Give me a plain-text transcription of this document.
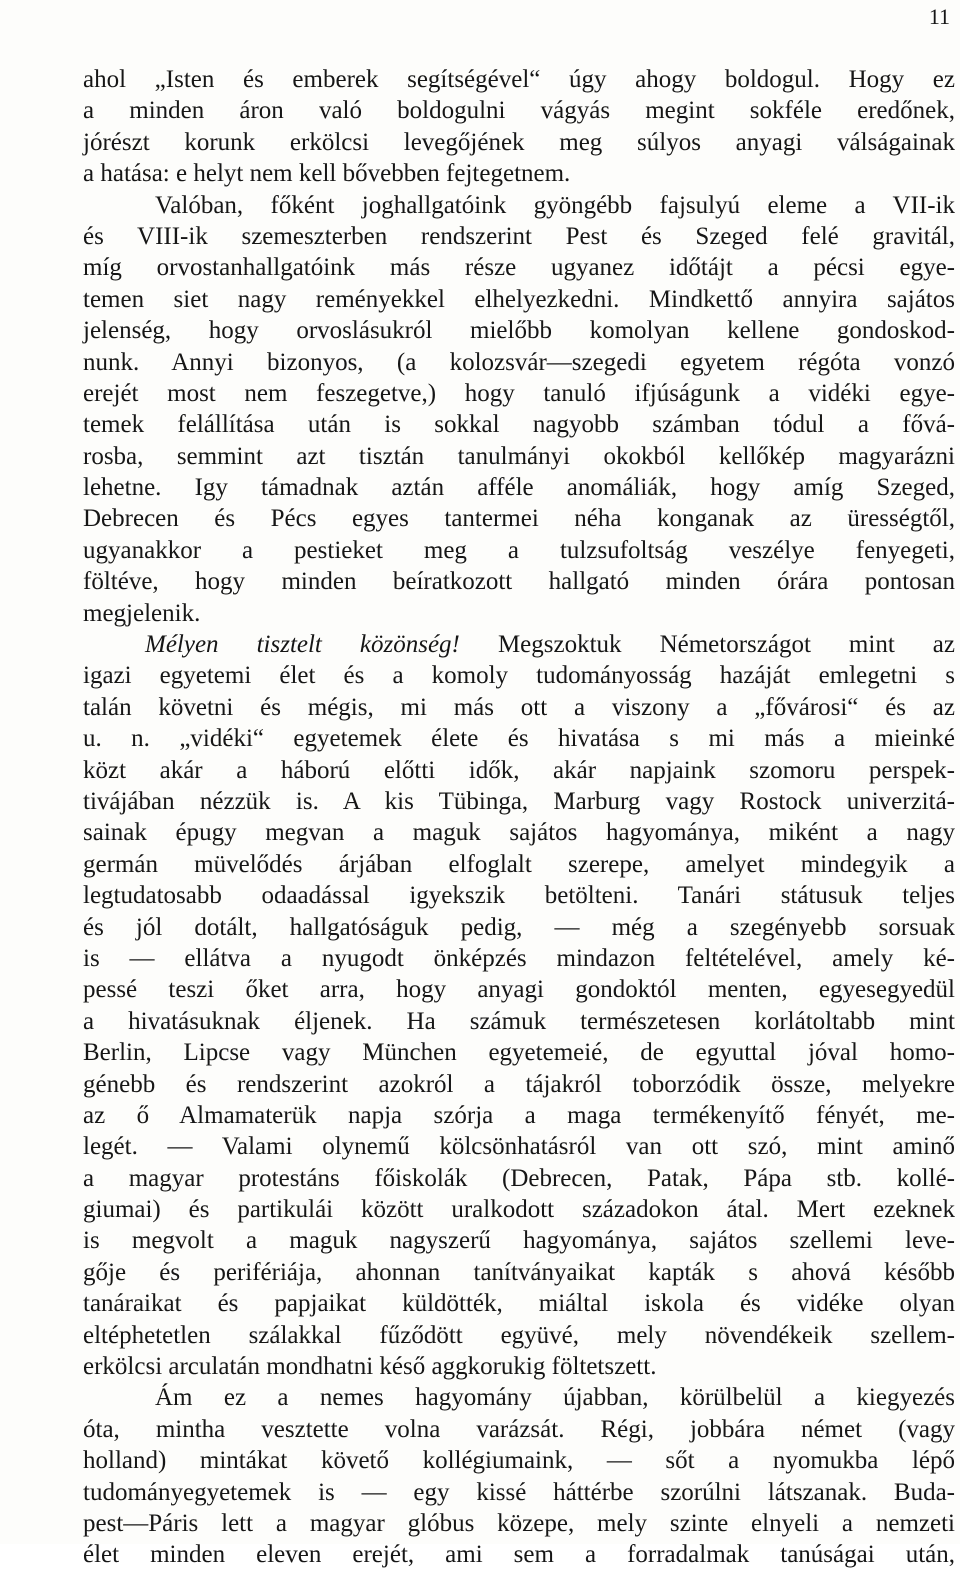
11
ahol „Isten és emberek segítségével“ úgy ahogy boldogul. Hogy ez
a minden áron való boldogulni vágyás megint sokféle eredőnek,
jórészt korunk erkölcsi levegőjének meg súlyos anyagi válságainak
a hatása: e helyt nem kell bővebben fejtegetnem.
Valóban, főként joghallgatóink gyöngébb fajsulyú eleme a VII-ik
és VIII-ik szemeszterben rendszerint Pest és Szeged felé gravitál,
míg orvostanhallgatóink más része ugyanez időtájt a pécsi egye-
temen siet nagy reményekkel elhelyezkedni. Mindkettő annyira sajátos
jelenség, hogy orvoslásukról mielőbb komolyan kellene gondoskod-
nunk. Annyi bizonyos, (a kolozsvár—szegedi egyetem régóta vonzó
erejét most nem feszegetve,) hogy tanuló ifjúságunk a vidéki egye-
temek felállítása után is sokkal nagyobb számban tódul a fővá-
rosba, semmint azt tisztán tanulmányi okokból kellőkép magyarázni
lehetne. Igy támadnak aztán afféle anomáliák, hogy amíg Szeged,
Debrecen és Pécs egyes tantermei néha konganak az ürességtől,
ugyanakkor a pestieket meg a tulzsufoltság veszélye fenyegeti,
föltéve, hogy minden beíratkozott hallgató minden órára pontosan
megjelenik.
Mélyen tisztelt közönség! Megszoktuk Németországot mint az
igazi egyetemi élet és a komoly tudományosság hazáját emlegetni s
talán követni és mégis, mi más ott a viszony a „fővárosi“ és az
u. n. „vidéki“ egyetemek élete és hivatása s mi más a mieinké
közt akár a háború előtti idők, akár napjaink szomoru perspek-
tivájában nézzük is. A kis Tübinga, Marburg vagy Rostock univerzitá-
sainak épugy megvan a maguk sajátos hagyománya, miként a nagy
germán müvelődés árjában elfoglalt szerepe, amelyet mindegyik a
legtudatosabb odaadással igyekszik betölteni. Tanári státusuk teljes
és jól dotált, hallgatóságuk pedig, — még a szegényebb sorsuak
is — ellátva a nyugodt önképzés mindazon feltételével, amely ké-
pessé teszi őket arra, hogy anyagi gondoktól menten, egyesegyedül
a hivatásuknak éljenek. Ha számuk természetesen korlátoltabb mint
Berlin, Lipcse vagy München egyetemeié, de egyuttal jóval homo-
génebb és rendszerint azokról a tájakról toborzódik össze, melyekre
az ő Almamaterük napja szórja a maga termékenyítő fényét, me-
legét. — Valami olynemű kölcsönhatásról van ott szó, mint aminő
a magyar protestáns főiskolák (Debrecen, Patak, Pápa stb. kollé-
giumai) és partikulái között uralkodott századokon átal. Mert ezeknek
is megvolt a maguk nagyszerű hagyománya, sajátos szellemi leve-
gője és perifériája, ahonnan tanítványaikat kapták s ahová később
tanáraikat és papjaikat küldötték, miáltal iskola és vidéke olyan
eltéphetetlen szálakkal fűződött együvé, mely növendékeik szellem-
erkölcsi arculatán mondhatni késő aggkorukig föltetszett.
Ám ez a nemes hagyomány újabban, körülbelül a kiegyezés
óta, mintha vesztette volna varázsát. Régi, jobbára német (vagy
holland) mintákat követő kollégiumaink, — sőt a nyomukba lépő
tudományegyetemek is — egy kissé háttérbe szorúlni látszanak. Buda-
pest—Páris lett a magyar glóbus közepe, mely szinte elnyeli a nemzeti
élet minden eleven erejét, ami sem a forradalmak tanúságai után,
